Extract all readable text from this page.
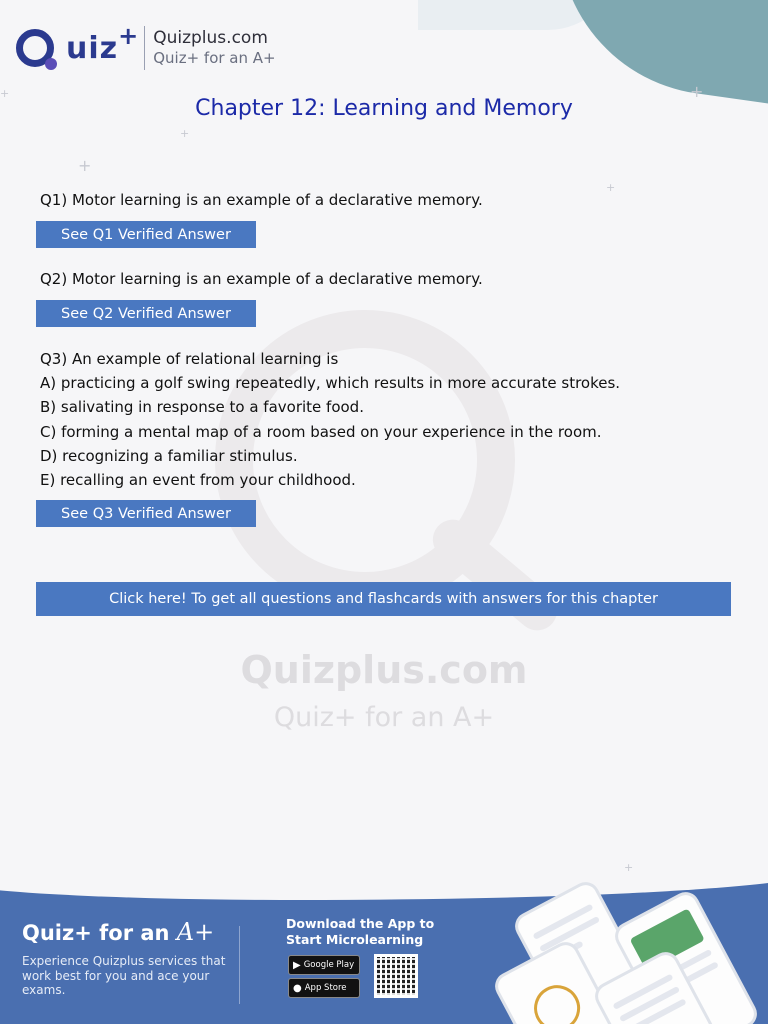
+
+
+
+
+
+
Quizplus.com
Quiz+ for an A+
uiz + Quizplus.com
Quiz+ for an A+
Chapter 12: Learning and Memory
Q1) Motor learning is an example of a declarative memory.
See Q1 Verified Answer
Q2) Motor learning is an example of a declarative memory.
See Q2 Verified Answer
Q3) An example of relational learning is
A) practicing a golf swing repeatedly, which results in more accurate strokes.
B) salivating in response to a favorite food.
C) forming a mental map of a room based on your experience in the room.
D) recognizing a familiar stimulus.
E) recalling an event from your childhood.
See Q3 Verified Answer
Click here! To get all questions and flashcards with answers for this chapter
Quiz+ for an A+
Experience Quizplus services that work best for you and ace your exams.
Download the App to Start Microlearning
▶ Google Play
● App Store
